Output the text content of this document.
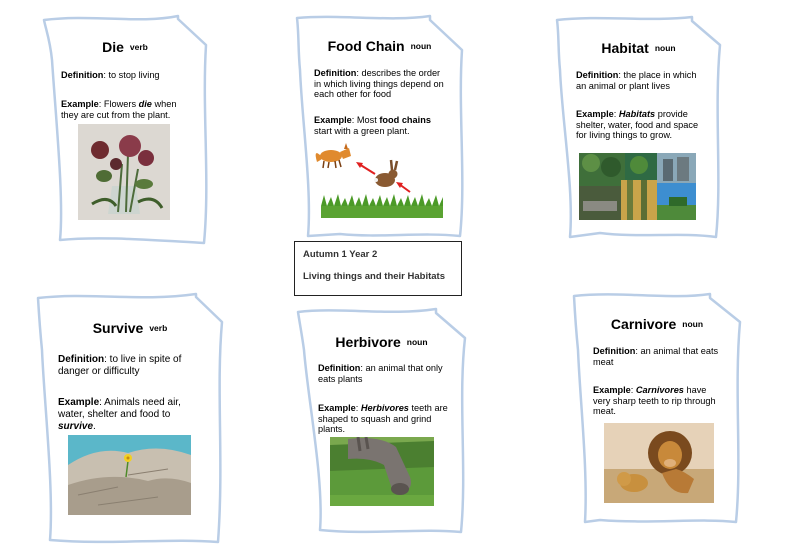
Die verb
Definition: to stop living
Example: Flowers die when they are cut from the plant.
Food Chain noun
Definition: describes the order in which living things depend on each other for food
Example: Most food chains start with a green plant.
Habitat noun
Definition: the place in which an animal or plant lives
Example: Habitats provide shelter, water, food and space for living things to grow.
Autumn 1 Year 2
Living things and their Habitats
Survive verb
Definition: to live in spite of danger or difficulty
Example: Animals need air, water, shelter and food to survive.
Herbivore noun
Definition: an animal that only eats plants
Example: Herbivores teeth are shaped to squash and grind plants.
Carnivore noun
Definition: an animal that eats meat
Example: Carnivores have very sharp teeth to rip through meat.
